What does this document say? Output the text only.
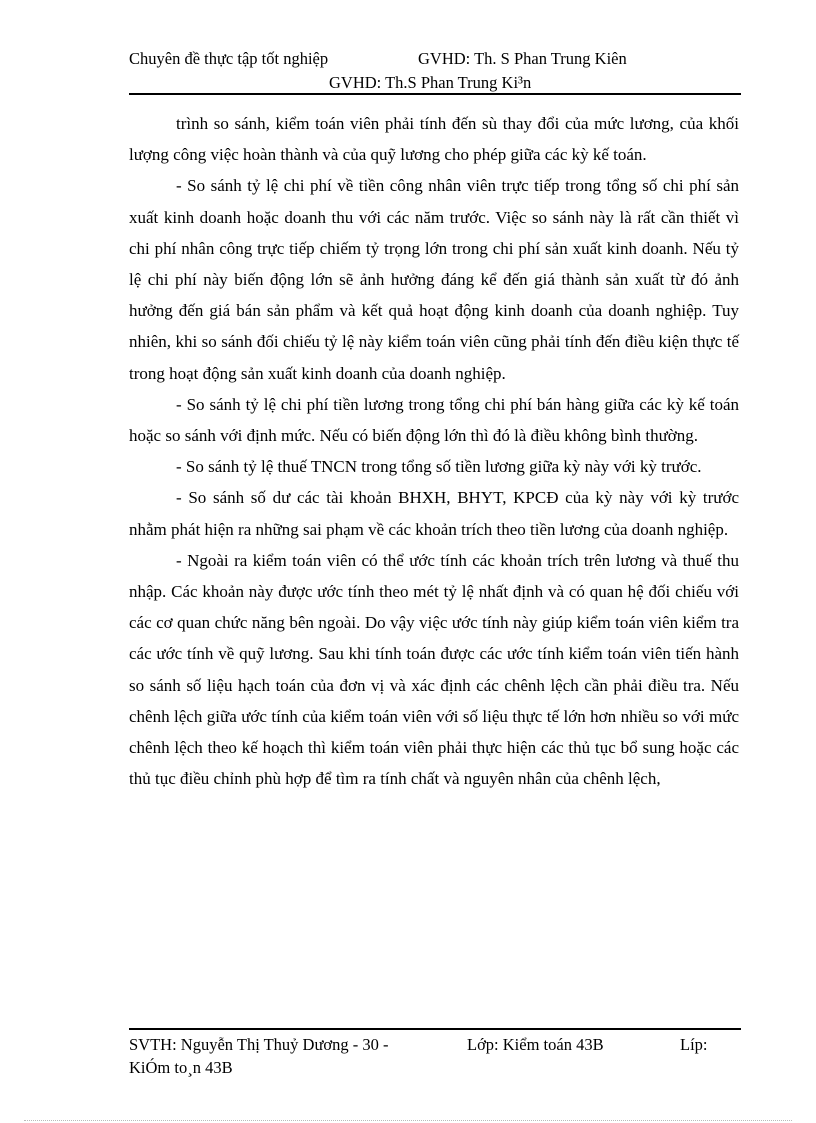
Chuyên đề thực tập tốt nghiệp	GVHD: Th. S Phan Trung Kiên
GVHD: Th.S Phan Trung Ki³n

trình so sánh, kiểm toán viên phải tính đến sù thay đổi của mức lương, của khối lượng công việc hoàn thành và của quỹ lương cho phép giữa các kỳ kế toán.

- So sánh tỷ lệ chi phí về tiền công nhân viên trực tiếp trong tổng số chi phí sản xuất kinh doanh hoặc doanh thu với các năm trước. Việc so sánh này là rất cần thiết vì chi phí nhân công trực tiếp chiếm tỷ trọng lớn trong chi phí sản xuất kinh doanh. Nếu tỷ lệ chi phí này biến động lớn sẽ ảnh hưởng đáng kể đến giá thành sản xuất từ đó ảnh hưởng đến giá bán sản phẩm và kết quả hoạt động kinh doanh của doanh nghiệp. Tuy nhiên, khi so sánh đối chiếu tỷ lệ này kiểm toán viên cũng phải tính đến điều kiện thực tế trong hoạt động sản xuất kinh doanh của doanh nghiệp.

- So sánh tỷ lệ chi phí tiền lương trong tổng chi phí bán hàng giữa các kỳ kế toán hoặc so sánh với định mức. Nếu có biến động lớn thì đó là điều không bình thường.

- So sánh tỷ lệ thuế TNCN trong tổng số tiền lương giữa kỳ này với kỳ trước.

- So sánh số dư các tài khoản BHXH, BHYT, KPCĐ của kỳ này với kỳ trước nhằm phát hiện ra những sai phạm về các khoản trích theo tiền lương của doanh nghiệp.

- Ngoài ra kiểm toán viên có thể ước tính các khoản trích trên lương và thuế thu nhập. Các khoản này được ước tính theo mét tỷ lệ nhất định và có quan hệ đối chiếu với các cơ quan chức năng bên ngoài. Do vậy việc ước tính này giúp kiểm toán viên kiểm tra các ước tính về quỹ lương. Sau khi tính toán được các ước tính kiểm toán viên tiến hành so sánh số liệu hạch toán của đơn vị và xác định các chênh lệch cần phải điều tra. Nếu chênh lệch giữa ước tính của kiểm toán viên với số liệu thực tế lớn hơn nhiều so với mức chênh lệch theo kế hoạch thì kiểm toán viên phải thực hiện các thủ tục bổ sung hoặc các thủ tục điều chỉnh phù hợp để tìm ra tính chất và nguyên nhân của chênh lệch,

SVTH: Nguyễn Thị Thuỷ Dương - 30 -	Lớp: Kiểm toán 43B	Líp:
KiÓm to¸n 43B
